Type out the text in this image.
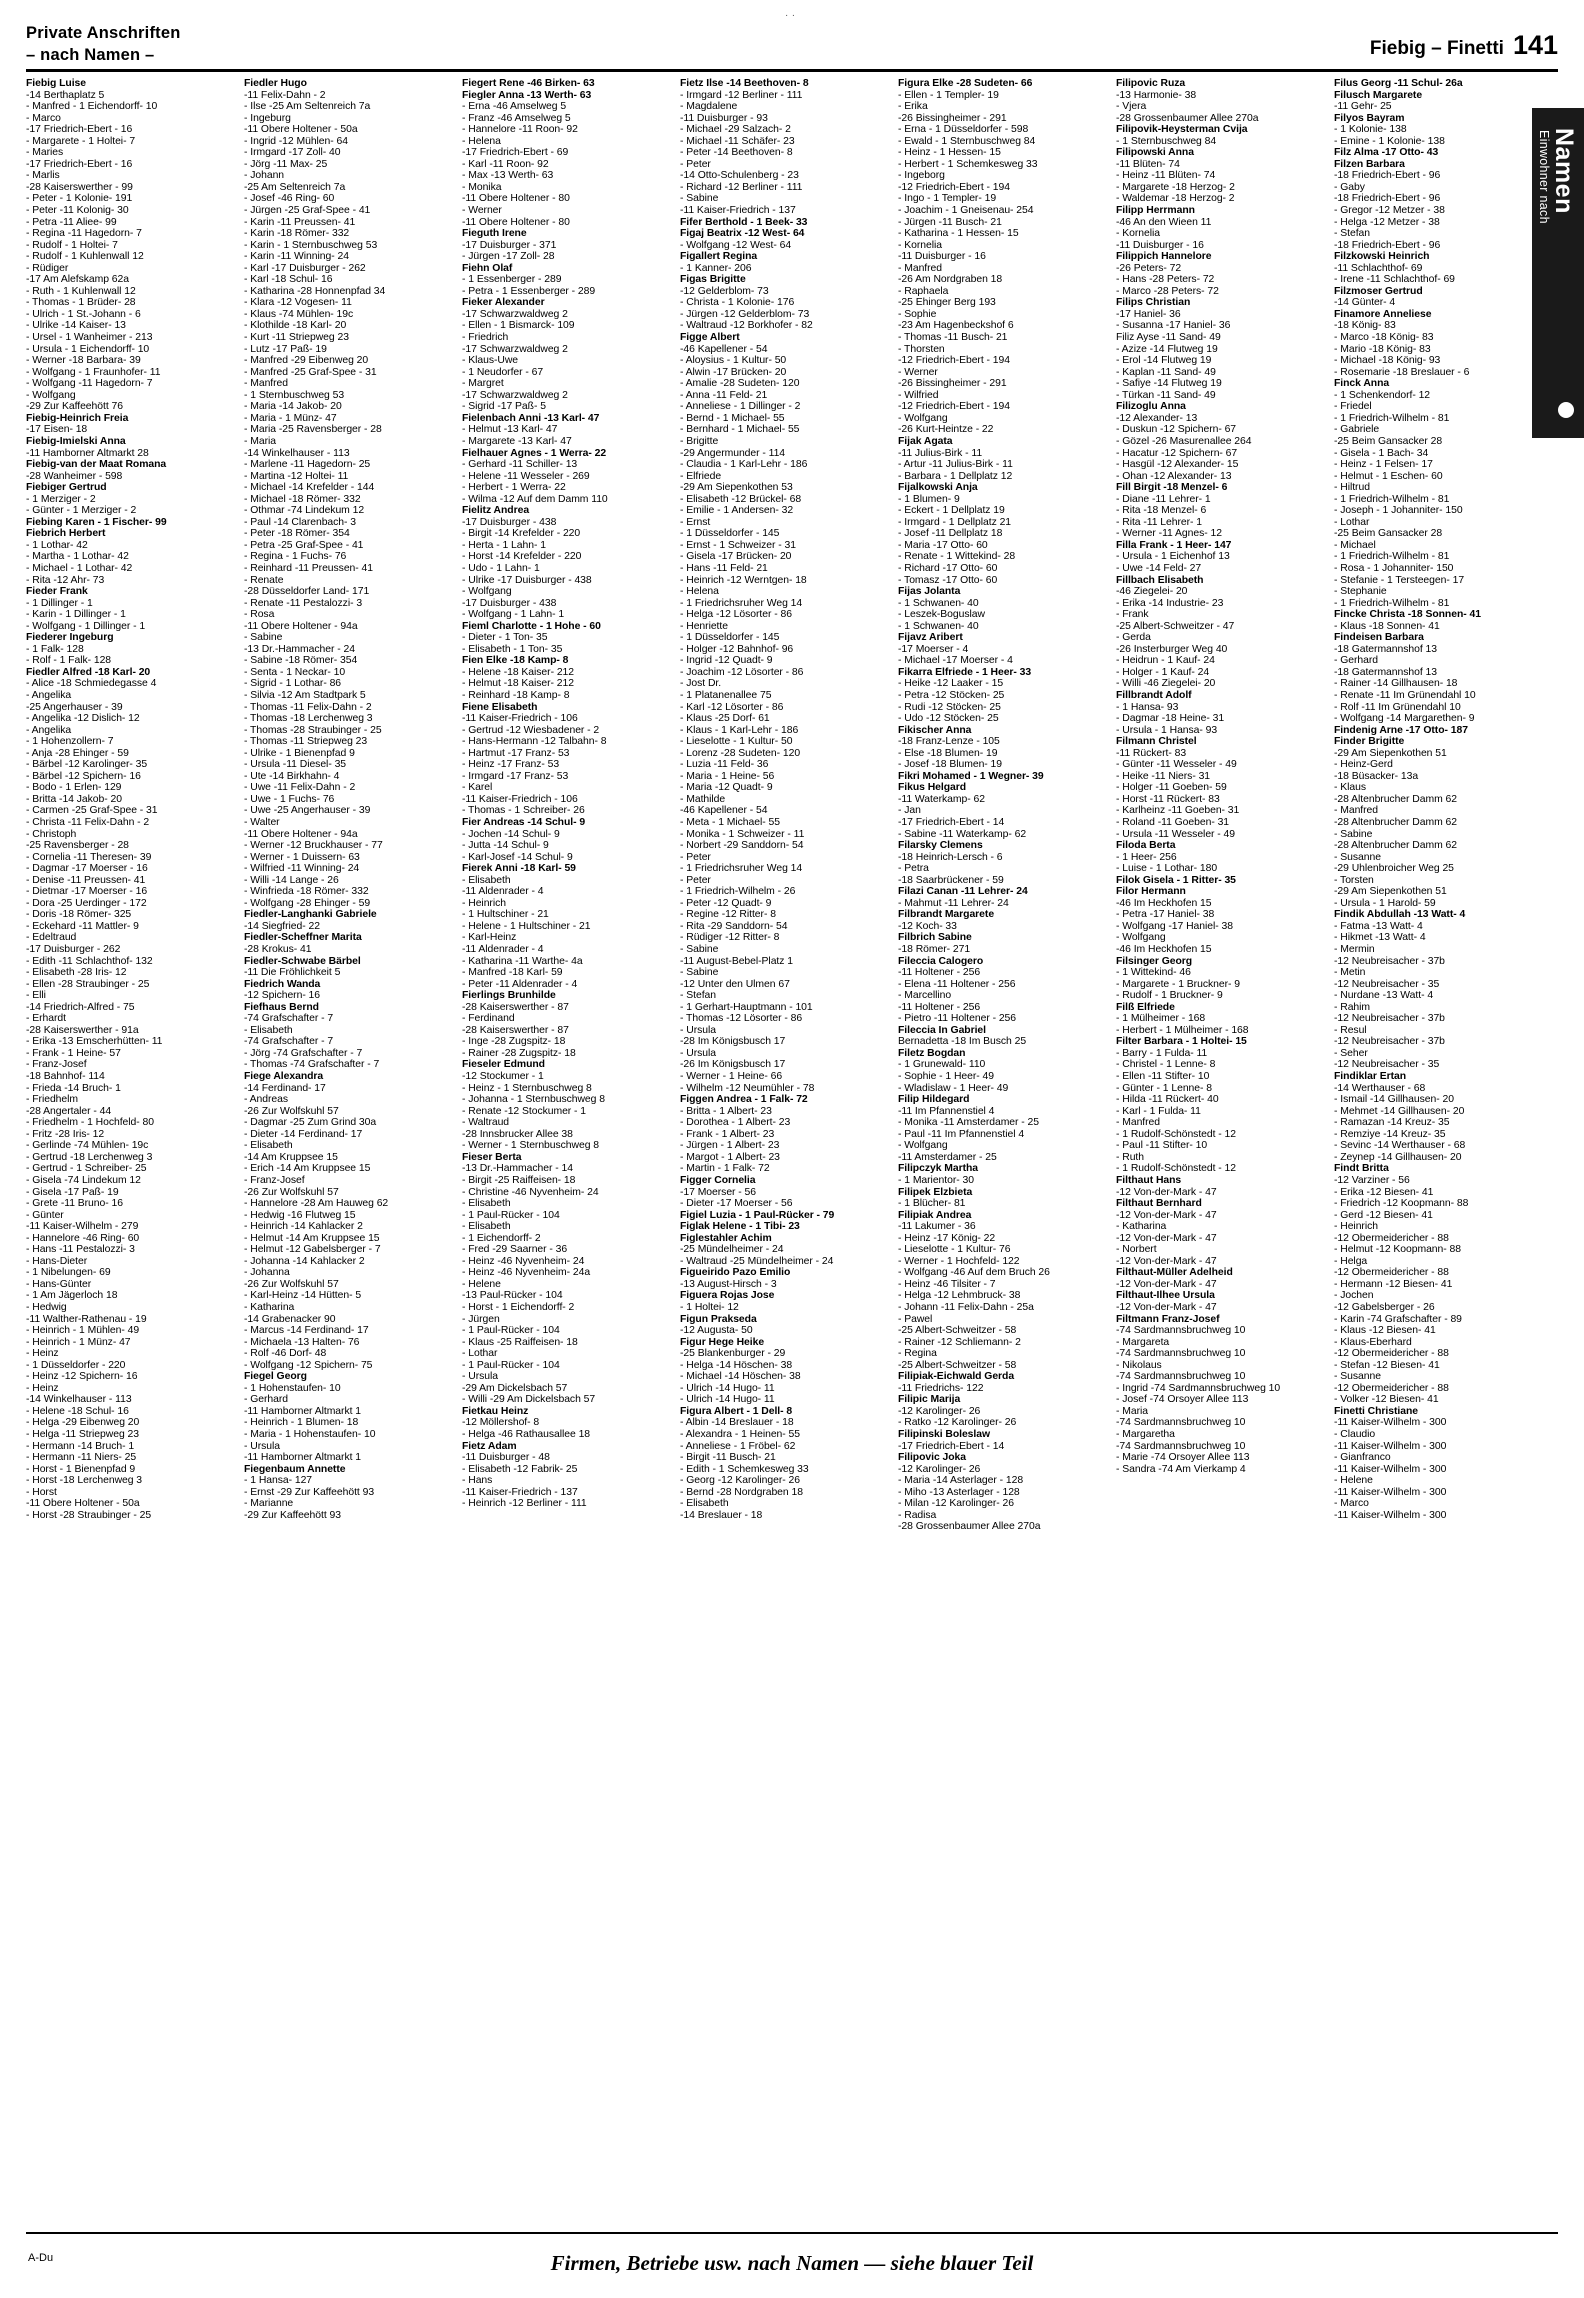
..
Private Anschriften
– nach Namen –	Fiebig – Finetti 141
Namen
Einwohner nach
Fiebig Luise
-14 Berthaplatz 5
- Manfred - 1 Eichendorff- 10
- Marco
-17 Friedrich-Ebert - 16
- Margarete - 1 Holtei- 7
- Maries
-17 Friedrich-Ebert - 16
- Marlis
-28 Kaiserswerther - 99
- Peter - 1 Kolonie- 191
- Peter -11 Kolonig- 30
- Petra -11 Aliee- 99
- Regina -11 Hagedorn- 7
- Rudolf - 1 Holtei- 7
- Rudolf - 1 Kuhlenwall 12
- Rüdiger
-17 Am Alefskamp 62a
- Ruth - 1 Kuhlenwall 12
- Thomas - 1 Brüder- 28
- Ulrich - 1 St.-Johann - 6
- Ulrike -14 Kaiser- 13
- Ursel - 1 Wanheimer - 213
- Ursula - 1 Eichendorff- 10
- Werner -18 Barbara- 39
- Wolfgang - 1 Fraunhofer- 11
- Wolfgang -11 Hagedorn- 7
- Wolfgang
-29 Zur Kaffeehött 76
Fiebig-Heinrich Freia
-17 Eisen- 18
Fiebig-Imielski Anna
-11 Hamborner Altmarkt 28
Fiebig-van der Maat Romana
-28 Wanheimer - 598
Fiebiger Gertrud
- 1 Merziger - 2
- Günter - 1 Merziger - 2
Fiebing Karen - 1 Fischer- 99
Fiebrich Herbert
- 1 Lothar- 42
- Martha - 1 Lothar- 42
- Michael - 1 Lothar- 42
- Rita -12 Ahr- 73
Fieder Frank
- 1 Dillinger - 1
- Karin - 1 Dillinger - 1
- Wolfgang - 1 Dillinger - 1
Fiederer Ingeburg
- 1 Falk- 128
- Rolf - 1 Falk- 128
Fiedler Alfred -18 Karl- 20
- Alice -18 Schmiedegasse 4
- Angelika
-25 Angerhauser - 39
- Angelika -12 Dislich- 12
- Angelika
- 1 Hohenzollern- 7
- Anja -28 Ehinger - 59
- Bärbel -12 Karolinger- 35
- Bärbel -12 Spichern- 16
- Bodo - 1 Erlen- 129
- Britta -14 Jakob- 20
- Carmen -25 Graf-Spee - 31
- Christa -11 Felix-Dahn - 2
- Christoph
-25 Ravensberger - 28
- Cornelia -11 Theresen- 39
- Dagmar -17 Moerser - 16
- Denise -11 Preussen- 41
- Dietmar -17 Moerser - 16
- Dora -25 Uerdinger - 172
- Doris -18 Römer- 325
- Eckehard -11 Mattler- 9
- Edeltraud
-17 Duisburger - 262
- Edith -11 Schlachthof- 132
- Elisabeth -28 Iris- 12
- Ellen -28 Straubinger - 25
- Elli
-14 Friedrich-Alfred - 75
- Erhardt
-28 Kaiserswerther - 91a
- Erika -13 Emscherhütten- 11
- Frank - 1 Heine- 57
- Franz-Josef
-18 Bahnhof- 114
- Frieda -14 Bruch- 1
- Friedhelm
-28 Angertaler - 44
- Friedhelm - 1 Hochfeld- 80
- Fritz -28 Iris- 12
- Gerlinde -74 Mühlen- 19c
- Gertrud -18 Lerchenweg 3
- Gertrud - 1 Schreiber- 25
- Gisela -74 Lindekum 12
- Gisela -17 Paß- 19
- Grete -11 Bruno- 16
- Günter
-11 Kaiser-Wilhelm - 279
- Hannelore -46 Ring- 60
- Hans -11 Pestalozzi- 3
- Hans-Dieter
- 1 Nibelungen- 69
- Hans-Günter
- 1 Am Jägerloch 18
- Hedwig
-11 Walther-Rathenau - 19
- Heinrich - 1 Mühlen- 49
- Heinrich - 1 Münz- 47
- Heinz
- 1 Düsseldorfer - 220
- Heinz -12 Spichern- 16
- Heinz
-14 Winkelhauser - 113
- Helene -18 Schul- 16
- Helga -29 Eibenweg 20
- Helga -11 Striepweg 23
- Hermann -14 Bruch- 1
- Hermann -11 Niers- 25
- Horst - 1 Bienenpfad 9
- Horst -18 Lerchenweg 3
- Horst
-11 Obere Holtener - 50a
- Horst -28 Straubinger - 25
Fiedler Hugo
-11 Felix-Dahn - 2
- Ilse -25 Am Seltenreich 7a
- Ingeburg
-11 Obere Holtener - 50a
- Ingrid -12 Mühlen- 64
- Irmgard -17 Zoll- 40
- Jörg -11 Max- 25
- Johann
-25 Am Seltenreich 7a
- Josef -46 Ring- 60
- Jürgen -25 Graf-Spee - 41
- Karin -11 Preussen- 41
- Karin -18 Römer- 332
- Karin - 1 Sternbuschweg 53
- Karin -11 Winning- 24
- Karl -17 Duisburger - 262
- Karl -18 Schul- 16
- Katharina -28 Honnenpfad 34
- Klara -12 Vogesen- 11
- Klaus -74 Mühlen- 19c
- Klothilde -18 Karl- 20
- Kurt -11 Striepweg 23
- Lutz -17 Paß- 19
- Manfred -29 Eibenweg 20
- Manfred -25 Graf-Spee - 31
- Manfred
- 1 Sternbuschweg 53
- Maria -14 Jakob- 20
- Maria - 1 Münz- 47
- Maria -25 Ravensberger - 28
- Maria
-14 Winkelhauser - 113
- Marlene -11 Hagedorn- 25
- Martina -12 Holtei- 11
- Michael -14 Krefelder - 144
- Michael -18 Römer- 332
- Othmar -74 Lindekum 12
- Paul -14 Clarenbach- 3
- Peter -18 Römer- 354
- Petra -25 Graf-Spee - 41
- Regina - 1 Fuchs- 76
- Reinhard -11 Preussen- 41
- Renate
-28 Düsseldorfer Land- 171
- Renate -11 Pestalozzi- 3
- Rosa
-11 Obere Holtener - 94a
- Sabine
-13 Dr.-Hammacher - 24
- Sabine -18 Römer- 354
- Senta - 1 Neckar- 10
- Sigrid - 1 Lothar- 86
- Silvia -12 Am Stadtpark 5
- Thomas -11 Felix-Dahn - 2
- Thomas -18 Lerchenweg 3
- Thomas -28 Straubinger - 25
- Thomas -11 Striepweg 23
- Ulrike - 1 Bienenpfad 9
- Ursula -11 Diesel- 35
- Ute -14 Birkhahn- 4
- Uwe -11 Felix-Dahn - 2
- Uwe - 1 Fuchs- 76
- Uwe -25 Angerhauser - 39
- Walter
-11 Obere Holtener - 94a
- Werner -12 Bruckhauser - 77
- Werner - 1 Duissern- 63
- Wilfried -11 Winning- 24
- Willi -14 Lange - 26
- Winfrieda -18 Römer- 332
- Wolfgang -28 Ehinger - 59
Fiedler-Langhanki Gabriele
-14 Siegfried- 22
Fiedler-Scheffner Marita
-28 Krokus- 41
Fiedler-Schwabe Bärbel
-11 Die Fröhlichkeit 5
Fiedrich Wanda
-12 Spichern- 16
Fiefhaus Bernd
-74 Grafschafter - 7
- Elisabeth
-74 Grafschafter - 7
- Jörg -74 Grafschafter - 7
- Thomas -74 Grafschafter - 7
Fiege Alexandra
-14 Ferdinand- 17
- Andreas
-26 Zur Wolfskuhl 57
- Dagmar -25 Zum Grind 30a
- Dieter -14 Ferdinand- 17
- Elisabeth
-14 Am Kruppsee 15
- Erich -14 Am Kruppsee 15
- Franz-Josef
-26 Zur Wolfskuhl 57
- Hannelore -28 Am Hauweg 62
- Hedwig -16 Flutweg 15
- Heinrich -14 Kahlacker 2
- Helmut -14 Am Kruppsee 15
- Helmut -12 Gabelsberger - 7
- Johanna -14 Kahlacker 2
- Johanna
-26 Zur Wolfskuhl 57
- Karl-Heinz -14 Hütten- 5
- Katharina
-14 Grabenacker 90
- Marcus -14 Ferdinand- 17
- Michaela -13 Halten- 76
- Rolf -46 Dorf- 48
- Wolfgang -12 Spichern- 75
Fiegel Georg
- 1 Hohenstaufen- 10
- Gerhard
-11 Hamborner Altmarkt 1
- Heinrich - 1 Blumen- 18
- Maria - 1 Hohenstaufen- 10
- Ursula
-11 Hamborner Altmarkt 1
Fiegenbaum Annette
- 1 Hansa- 127
- Ernst -29 Zur Kaffeehött 93
- Marianne
-29 Zur Kaffeehött 93
Fiegert Rene -46 Birken- 63
Fiegler Anna -13 Werth- 63
- Erna -46 Amselweg 5
- Franz -46 Amselweg 5
- Hannelore -11 Roon- 92
- Helena
-17 Friedrich-Ebert - 69
- Karl -11 Roon- 92
- Max -13 Werth- 63
- Monika
-11 Obere Holtener - 80
- Werner
-11 Obere Holtener - 80
Fieguth Irene
-17 Duisburger - 371
- Jürgen -17 Zoll- 28
Fiehn Olaf
- 1 Essenberger - 289
- Petra - 1 Essenberger - 289
Fieker Alexander
-17 Schwarzwaldweg 2
- Ellen - 1 Bismarck- 109
- Friedrich
-17 Schwarzwaldweg 2
- Klaus-Uwe
- 1 Neudorfer - 67
- Margret
-17 Schwarzwaldweg 2
- Sigrid -17 Paß- 5
Fielenbach Anni -13 Karl- 47
- Helmut -13 Karl- 47
- Margarete -13 Karl- 47
Fielhauer Agnes - 1 Werra- 22
- Gerhard -11 Schiller- 13
- Helene -11 Wesseler - 269
- Herbert - 1 Werra- 22
- Wilma -12 Auf dem Damm 110
Fielitz Andrea
-17 Duisburger - 438
- Birgit -14 Krefelder - 220
- Herta - 1 Lahn- 1
- Horst -14 Krefelder - 220
- Udo - 1 Lahn- 1
- Ulrike -17 Duisburger - 438
- Wolfgang
-17 Duisburger - 438
- Wolfgang - 1 Lahn- 1
Fieml Charlotte - 1 Hohe - 60
- Dieter - 1 Ton- 35
- Elisabeth - 1 Ton- 35
Fien Elke -18 Kamp- 8
- Helene -18 Kaiser- 212
- Helmut -18 Kaiser- 212
- Reinhard -18 Kamp- 8
Fiene Elisabeth
-11 Kaiser-Friedrich - 106
- Gertrud -12 Wiesbadener - 2
- Hans-Hermann -12 Talbahn- 8
- Hartmut -17 Franz- 53
- Heinz -17 Franz- 53
- Irmgard -17 Franz- 53
- Karel
-11 Kaiser-Friedrich - 106
- Thomas - 1 Schreiber- 26
Fier Andreas -14 Schul- 9
- Jochen -14 Schul- 9
- Jutta -14 Schul- 9
- Karl-Josef -14 Schul- 9
Fierek Anni -18 Karl- 59
- Elisabeth
-11 Aldenrader - 4
- Heinrich
- 1 Hultschiner - 21
- Helene - 1 Hultschiner - 21
- Karl-Heinz
-11 Aldenrader - 4
- Katharina -11 Warthe- 4a
- Manfred -18 Karl- 59
- Peter -11 Aldenrader - 4
Fierlings Brunhilde
-28 Kaiserswerther - 87
- Ferdinand
-28 Kaiserswerther - 87
- Inge -28 Zugspitz- 18
- Rainer -28 Zugspitz- 18
Fieseler Edmund
-12 Stockumer - 1
- Heinz - 1 Sternbuschweg 8
- Johanna - 1 Sternbuschweg 8
- Renate -12 Stockumer - 1
- Waltraud
-28 Innsbrucker Allee 38
- Werner - 1 Sternbuschweg 8
Fieser Berta
-13 Dr.-Hammacher - 14
- Birgit -25 Raiffeisen- 18
- Christine -46 Nyvenheim- 24
- Elisabeth
- 1 Paul-Rücker - 104
- Elisabeth
- 1 Eichendorff- 2
- Fred -29 Saarner - 36
- Heinz -46 Nyvenheim- 24
- Heinz -46 Nyvenheim- 24a
- Helene
-13 Paul-Rücker - 104
- Horst - 1 Eichendorff- 2
- Jürgen
- 1 Paul-Rücker - 104
- Klaus -25 Raiffeisen- 18
- Lothar
- 1 Paul-Rücker - 104
- Ursula
-29 Am Dickelsbach 57
- Willi -29 Am Dickelsbach 57
Fietkau Heinz
-12 Möllershof- 8
- Helga -46 Rathausallee 18
Fietz Adam
-11 Duisburger - 48
- Elisabeth -12 Fabrik- 25
- Hans
-11 Kaiser-Friedrich - 137
- Heinrich -12 Berliner - 111
Fietz Ilse -14 Beethoven- 8
- Irmgard -12 Berliner - 111
- Magdalene
-11 Duisburger - 93
- Michael -29 Salzach- 2
- Michael -11 Schäfer- 23
- Peter -14 Beethoven- 8
- Peter
-14 Otto-Schulenberg - 23
- Richard -12 Berliner - 111
- Sabine
-11 Kaiser-Friedrich - 137
Fifer Berthold - 1 Beek- 33
Figaj Beatrix -12 West- 64
- Wolfgang -12 West- 64
Figallert Regina
- 1 Kanner- 206
Figas Brigitte
-12 Gelderblom- 73
- Christa - 1 Kolonie- 176
- Jürgen -12 Gelderblom- 73
- Waltraud -12 Borkhofer - 82
Figge Albert
-46 Kapellener - 54
- Aloysius - 1 Kultur- 50
- Alwin -17 Brücken- 20
- Amalie -28 Sudeten- 120
- Anna -11 Feld- 21
- Anneliese - 1 Dillinger - 2
- Bernd - 1 Michael- 55
- Bernhard - 1 Michael- 55
- Brigitte
-29 Angermunder - 114
- Claudia - 1 Karl-Lehr - 186
- Elfriede
-29 Am Siepenkothen 53
- Elisabeth -12 Brückel- 68
- Emilie - 1 Andersen- 32
- Ernst
- 1 Düsseldorfer - 145
- Ernst - 1 Schweizer - 31
- Gisela -17 Brücken- 20
- Hans -11 Feld- 21
- Heinrich -12 Werntgen- 18
- Helena
- 1 Friedrichsruher Weg 14
- Helga -12 Lösorter - 86
- Henriette
- 1 Düsseldorfer - 145
- Holger -12 Bahnhof- 96
- Ingrid -12 Quadt- 9
- Joachim -12 Lösorter - 86
- Jost Dr.
- 1 Platanenallee 75
- Karl -12 Lösorter - 86
- Klaus -25 Dorf- 61
- Klaus - 1 Karl-Lehr - 186
- Lieselotte - 1 Kultur- 50
- Lorenz -28 Sudeten- 120
- Luzia -11 Feld- 36
- Maria - 1 Heine- 56
- Maria -12 Quadt- 9
- Mathilde
-46 Kapellener - 54
- Meta - 1 Michael- 55
- Monika - 1 Schweizer - 11
- Norbert -29 Sanddorn- 54
- Peter
- 1 Friedrichsruher Weg 14
- Peter
- 1 Friedrich-Wilhelm - 26
- Peter -12 Quadt- 9
- Regine -12 Ritter- 8
- Rita -29 Sanddorn- 54
- Rüdiger -12 Ritter- 8
- Sabine
-11 August-Bebel-Platz 1
- Sabine
-12 Unter den Ulmen 67
- Stefan
- 1 Gerhart-Hauptmann - 101
- Thomas -12 Lösorter - 86
- Ursula
-28 Im Königsbusch 17
- Ursula
-26 Im Königsbusch 17
- Werner - 1 Heine- 66
- Wilhelm -12 Neumühler - 78
Figgen Andrea - 1 Falk- 72
- Britta - 1 Albert- 23
- Dorothea - 1 Albert- 23
- Frank - 1 Albert- 23
- Jürgen - 1 Albert- 23
- Margot - 1 Albert- 23
- Martin - 1 Falk- 72
Figger Cornelia
-17 Moerser - 56
- Dieter -17 Moerser - 56
Figiel Luzia - 1 Paul-Rücker - 79
Figlak Helene - 1 Tibi- 23
Figlestahler Achim
-25 Mündelheimer - 24
- Waltraud -25 Mündelheimer - 24
Figueirido Pazo Emilio
-13 August-Hirsch - 3
Figuera Rojas Jose
- 1 Holtei- 12
Figun Prakseda
-12 Augusta- 50
Figur Hege Heike
-25 Blankenburger - 29
- Helga -14 Höschen- 38
- Michael -14 Höschen- 38
- Ulrich -14 Hugo- 11
- Ulrich -14 Hugo- 11
Figura Albert - 1 Dell- 8
- Albin -14 Breslauer - 18
- Alexandra - 1 Heinen- 55
- Anneliese - 1 Fröbel- 62
- Birgit -11 Busch- 21
- Edith - 1 Schemkesweg 33
- Georg -12 Karolinger- 26
- Bernd -28 Nordgraben 18
- Elisabeth
-14 Breslauer - 18
Figura Elke -28 Sudeten- 66
- Ellen - 1 Templer- 19
- Erika
-26 Bissingheimer - 291
- Erna - 1 Düsseldorfer - 598
- Ewald - 1 Sternbuschweg 84
- Heinz - 1 Hessen- 15
- Herbert - 1 Schemkesweg 33
- Ingeborg
-12 Friedrich-Ebert - 194
- Ingo - 1 Templer- 19
- Joachim - 1 Gneisenau- 254
- Jürgen -11 Busch- 21
- Katharina - 1 Hessen- 15
- Kornelia
-11 Duisburger - 16
- Manfred
-26 Am Nordgraben 18
- Raphaela
-25 Ehinger Berg 193
- Sophie
-23 Am Hagenbeckshof 6
- Thomas -11 Busch- 21
- Thorsten
-12 Friedrich-Ebert - 194
- Werner
-26 Bissingheimer - 291
- Wilfried
-12 Friedrich-Ebert - 194
- Wolfgang
-26 Kurt-Heintze - 22
Fijak Agata
-11 Julius-Birk - 11
- Artur -11 Julius-Birk - 11
- Barbara - 1 Dellplatz 12
Fijalkowski Anja
- 1 Blumen- 9
- Eckert - 1 Dellplatz 19
- Irmgard - 1 Dellplatz 21
- Josef -11 Dellplatz 18
- Maria -17 Otto- 60
- Renate - 1 Wittekind- 28
- Richard -17 Otto- 60
- Tomasz -17 Otto- 60
Fijas Jolanta
- 1 Schwanen- 40
- Leszek-Boguslaw
- 1 Schwanen- 40
Fijavz Aribert
-17 Moerser - 4
- Michael -17 Moerser - 4
Fikarra Elfriede - 1 Heer- 33
- Heike -12 Laaker - 15
- Petra -12 Stöcken- 25
- Rudi -12 Stöcken- 25
- Udo -12 Stöcken- 25
Fikischer Anna
-18 Franz-Lenze - 105
- Else -18 Blumen- 19
- Josef -18 Blumen- 19
Fikri Mohamed - 1 Wegner- 39
Fikus Helgard
-11 Waterkamp- 62
- Jan
-17 Friedrich-Ebert - 14
- Sabine -11 Waterkamp- 62
Filarsky Clemens
-18 Heinrich-Lersch - 6
- Petra
-18 Saarbrückener - 59
Filazi Canan -11 Lehrer- 24
- Mahmut -11 Lehrer- 24
Filbrandt Margarete
-12 Koch- 33
Filbrich Sabine
-18 Römer- 271
Fileccia Calogero
-11 Holtener - 256
- Elena -11 Holtener - 256
- Marcellino
-11 Holtener - 256
- Pietro -11 Holtener - 256
Fileccia In Gabriel
Bernadetta -18 Im Busch 25
Filetz Bogdan
- 1 Grunewald- 110
- Sophie - 1 Heer- 49
- Wladislaw - 1 Heer- 49
Filip Hildegard
-11 Im Pfannenstiel 4
- Monika -11 Amsterdamer - 25
- Paul -11 Im Pfannenstiel 4
- Wolfgang
-11 Amsterdamer - 25
Filipczyk Martha
- 1 Marientor- 30
Filipek Elzbieta
- 1 Blücher- 81
Filipiak Andrea
-11 Lakumer - 36
- Heinz -17 König- 22
- Lieselotte - 1 Kultur- 76
- Werner - 1 Hochfeld- 122
- Wolfgang -46 Auf dem Bruch 26
- Heinz -46 Tilsiter - 7
- Helga -12 Lehmbruck- 38
- Johann -11 Felix-Dahn - 25a
- Pawel
-25 Albert-Schweitzer - 58
- Rainer -12 Schliemann- 2
- Regina
-25 Albert-Schweitzer - 58
Filipiak-Eichwald Gerda
-11 Friedrichs- 122
Filipic Marija
-12 Karolinger- 26
- Ratko -12 Karolinger- 26
Filipinski Boleslaw
-17 Friedrich-Ebert - 14
Filipovic Joka
-12 Karolinger- 26
- Maria -14 Asterlager - 128
- Miho -13 Asterlager - 128
- Milan -12 Karolinger- 26
- Radisa
-28 Grossenbaumer Allee 270a
Filipovic Ruza
-13 Harmonie- 38
- Vjera
-28 Grossenbaumer Allee 270a
Filipovik-Heysterman Cvija
- 1 Sternbuschweg 84
Filipowski Anna
-11 Blüten- 74
- Heinz -11 Blüten- 74
- Margarete -18 Herzog- 2
- Waldemar -18 Herzog- 2
Filipp Herrmann
-46 An den Wieen 11
- Kornelia
-11 Duisburger - 16
Filippich Hannelore
-26 Peters- 72
- Hans -28 Peters- 72
- Marco -28 Peters- 72
Filips Christian
-17 Haniel- 36
- Susanna -17 Haniel- 36
Filiz Ayse -11 Sand- 49
- Azize -14 Flutweg 19
- Erol -14 Flutweg 19
- Kaplan -11 Sand- 49
- Safiye -14 Flutweg 19
- Türkan -11 Sand- 49
Filizoglu Anna
-12 Alexander- 13
- Duskun -12 Spichern- 67
- Gözel -26 Masurenallee 264
- Hacatur -12 Spichern- 67
- Hasgül -12 Alexander- 15
- Ohan -12 Alexander- 13
Fill Birgit -18 Menzel- 6
- Diane -11 Lehrer- 1
- Rita -18 Menzel- 6
- Rita -11 Lehrer- 1
- Werner -11 Agnes- 12
Filla Frank - 1 Heer- 147
- Ursula - 1 Eichenhof 13
- Uwe -14 Feld- 27
Fillbach Elisabeth
-46 Ziegelei- 20
- Erika -14 Industrie- 23
- Frank
-25 Albert-Schweitzer - 47
- Gerda
-26 Insterburger Weg 40
- Heidrun - 1 Kauf- 24
- Holger - 1 Kauf- 24
- Willi -46 Ziegelei- 20
Fillbrandt Adolf
- 1 Hansa- 93
- Dagmar -18 Heine- 31
- Ursula - 1 Hansa- 93
Filmann Christel
-11 Rückert- 83
- Günter -11 Wesseler - 49
- Heike -11 Niers- 31
- Holger -11 Goeben- 59
- Horst -11 Rückert- 83
- Karlheinz -11 Goeben- 31
- Roland -11 Goeben- 31
- Ursula -11 Wesseler - 49
Filoda Berta
- 1 Heer- 256
- Luise - 1 Lothar- 180
Filok Gisela - 1 Ritter- 35
Filor Hermann
-46 Im Heckhofen 15
- Petra -17 Haniel- 38
- Wolfgang -17 Haniel- 38
- Wolfgang
-46 Im Heckhofen 15
Filsinger Georg
- 1 Wittekind- 46
- Margarete - 1 Bruckner- 9
- Rudolf - 1 Bruckner- 9
Filß Elfriede
- 1 Mülheimer - 168
- Herbert - 1 Mülheimer - 168
Filter Barbara - 1 Holtei- 15
- Barry - 1 Fulda- 11
- Christel - 1 Lenne- 8
- Ellen -11 Stifter- 10
- Günter - 1 Lenne- 8
- Hilda -11 Rückert- 40
- Karl - 1 Fulda- 11
- Manfred
- 1 Rudolf-Schönstedt - 12
- Paul -11 Stifter- 10
- Ruth
- 1 Rudolf-Schönstedt - 12
Filthaut Hans
-12 Von-der-Mark - 47
Filthaut Bernhard
-12 Von-der-Mark - 47
- Katharina
-12 Von-der-Mark - 47
- Norbert
-12 Von-der-Mark - 47
Filthaut-Müller Adelheid
-12 Von-der-Mark - 47
Filthaut-Ilhee Ursula
-12 Von-der-Mark - 47
Filtmann Franz-Josef
-74 Sardmannsbruchweg 10
- Margareta
-74 Sardmannsbruchweg 10
- Nikolaus
-74 Sardmannsbruchweg 10
- Ingrid -74 Sardmannsbruchweg 10
- Josef -74 Orsoyer Allee 113
- Maria
-74 Sardmannsbruchweg 10
- Margaretha
-74 Sardmannsbruchweg 10
- Marie -74 Orsoyer Allee 113
- Sandra -74 Am Vierkamp 4
Filus Georg -11 Schul- 26a
Filusch Margarete
-11 Gehr- 25
Filyos Bayram
- 1 Kolonie- 138
- Emine - 1 Kolonie- 138
Filz Alma -17 Otto- 43
Filzen Barbara
-18 Friedrich-Ebert - 96
- Gaby
-18 Friedrich-Ebert - 96
- Gregor -12 Metzer - 38
- Helga -12 Metzer - 38
- Stefan
-18 Friedrich-Ebert - 96
Filzkowski Heinrich
-11 Schlachthof- 69
- Irene -11 Schlachthof- 69
Filzmoser Gertrud
-14 Günter- 4
Finamore Anneliese
-18 König- 83
- Marco -18 König- 83
- Mario -18 König- 83
- Michael -18 König- 93
- Rosemarie -18 Breslauer - 6
Finck Anna
- 1 Schenkendorf- 12
- Friedel
- 1 Friedrich-Wilhelm - 81
- Gabriele
-25 Beim Gansacker 28
- Gisela - 1 Bach- 34
- Heinz - 1 Felsen- 17
- Helmut - 1 Eschen- 60
- Hiltrud
- 1 Friedrich-Wilhelm - 81
- Joseph - 1 Johanniter- 150
- Lothar
-25 Beim Gansacker 28
- Michael
- 1 Friedrich-Wilhelm - 81
- Rosa - 1 Johanniter- 150
- Stefanie - 1 Tersteegen- 17
- Stephanie
- 1 Friedrich-Wilhelm - 81
Fincke Christa -18 Sonnen- 41
- Klaus -18 Sonnen- 41
Findeisen Barbara
-18 Gatermannshof 13
- Gerhard
-18 Gatermannshof 13
- Rainer -14 Gillhausen- 18
- Renate -11 Im Grünendahl 10
- Rolf -11 Im Grünendahl 10
- Wolfgang -14 Margarethen- 9
Findenig Arne -17 Otto- 187
Finder Brigitte
-29 Am Siepenkothen 51
- Heinz-Gerd
-18 Büsacker- 13a
- Klaus
-28 Altenbrucher Damm 62
- Manfred
-28 Altenbrucher Damm 62
- Sabine
-28 Altenbrucher Damm 62
- Susanne
-29 Uhlenbroicher Weg 25
- Torsten
-29 Am Siepenkothen 51
- Ursula - 1 Harold- 59
Findik Abdullah -13 Watt- 4
- Fatma -13 Watt- 4
- Hikmet -13 Watt- 4
- Mermin
-12 Neubreisacher - 37b
- Metin
-12 Neubreisacher - 35
- Nurdane -13 Watt- 4
- Rahim
-12 Neubreisacher - 37b
- Resul
-12 Neubreisacher - 37b
- Seher
-12 Neubreisacher - 35
Findiklar Ertan
-14 Werthauser - 68
- Ismail -14 Gillhausen- 20
- Mehmet -14 Gillhausen- 20
- Ramazan -14 Kreuz- 35
- Remziye -14 Kreuz- 35
- Sevinc -14 Werthauser - 68
- Zeynep -14 Gillhausen- 20
Findt Britta
-12 Varziner - 56
- Erika -12 Biesen- 41
- Friedrich -12 Koopmann- 88
- Gerd -12 Biesen- 41
- Heinrich
-12 Obermeidericher - 88
- Helmut -12 Koopmann- 88
- Helga
-12 Obermeidericher - 88
- Hermann -12 Biesen- 41
- Jochen
-12 Gabelsberger - 26
- Karin -74 Grafschafter - 89
- Klaus -12 Biesen- 41
- Klaus-Eberhard
-12 Obermeidericher - 88
- Stefan -12 Biesen- 41
- Susanne
-12 Obermeidericher - 88
- Volker -12 Biesen- 41
Finetti Christiane
-11 Kaiser-Wilhelm - 300
- Claudio
-11 Kaiser-Wilhelm - 300
- Gianfranco
-11 Kaiser-Wilhelm - 300
- Helene
-11 Kaiser-Wilhelm - 300
- Marco
-11 Kaiser-Wilhelm - 300
A-Du	Firmen, Betriebe usw. nach Namen — siehe blauer Teil
